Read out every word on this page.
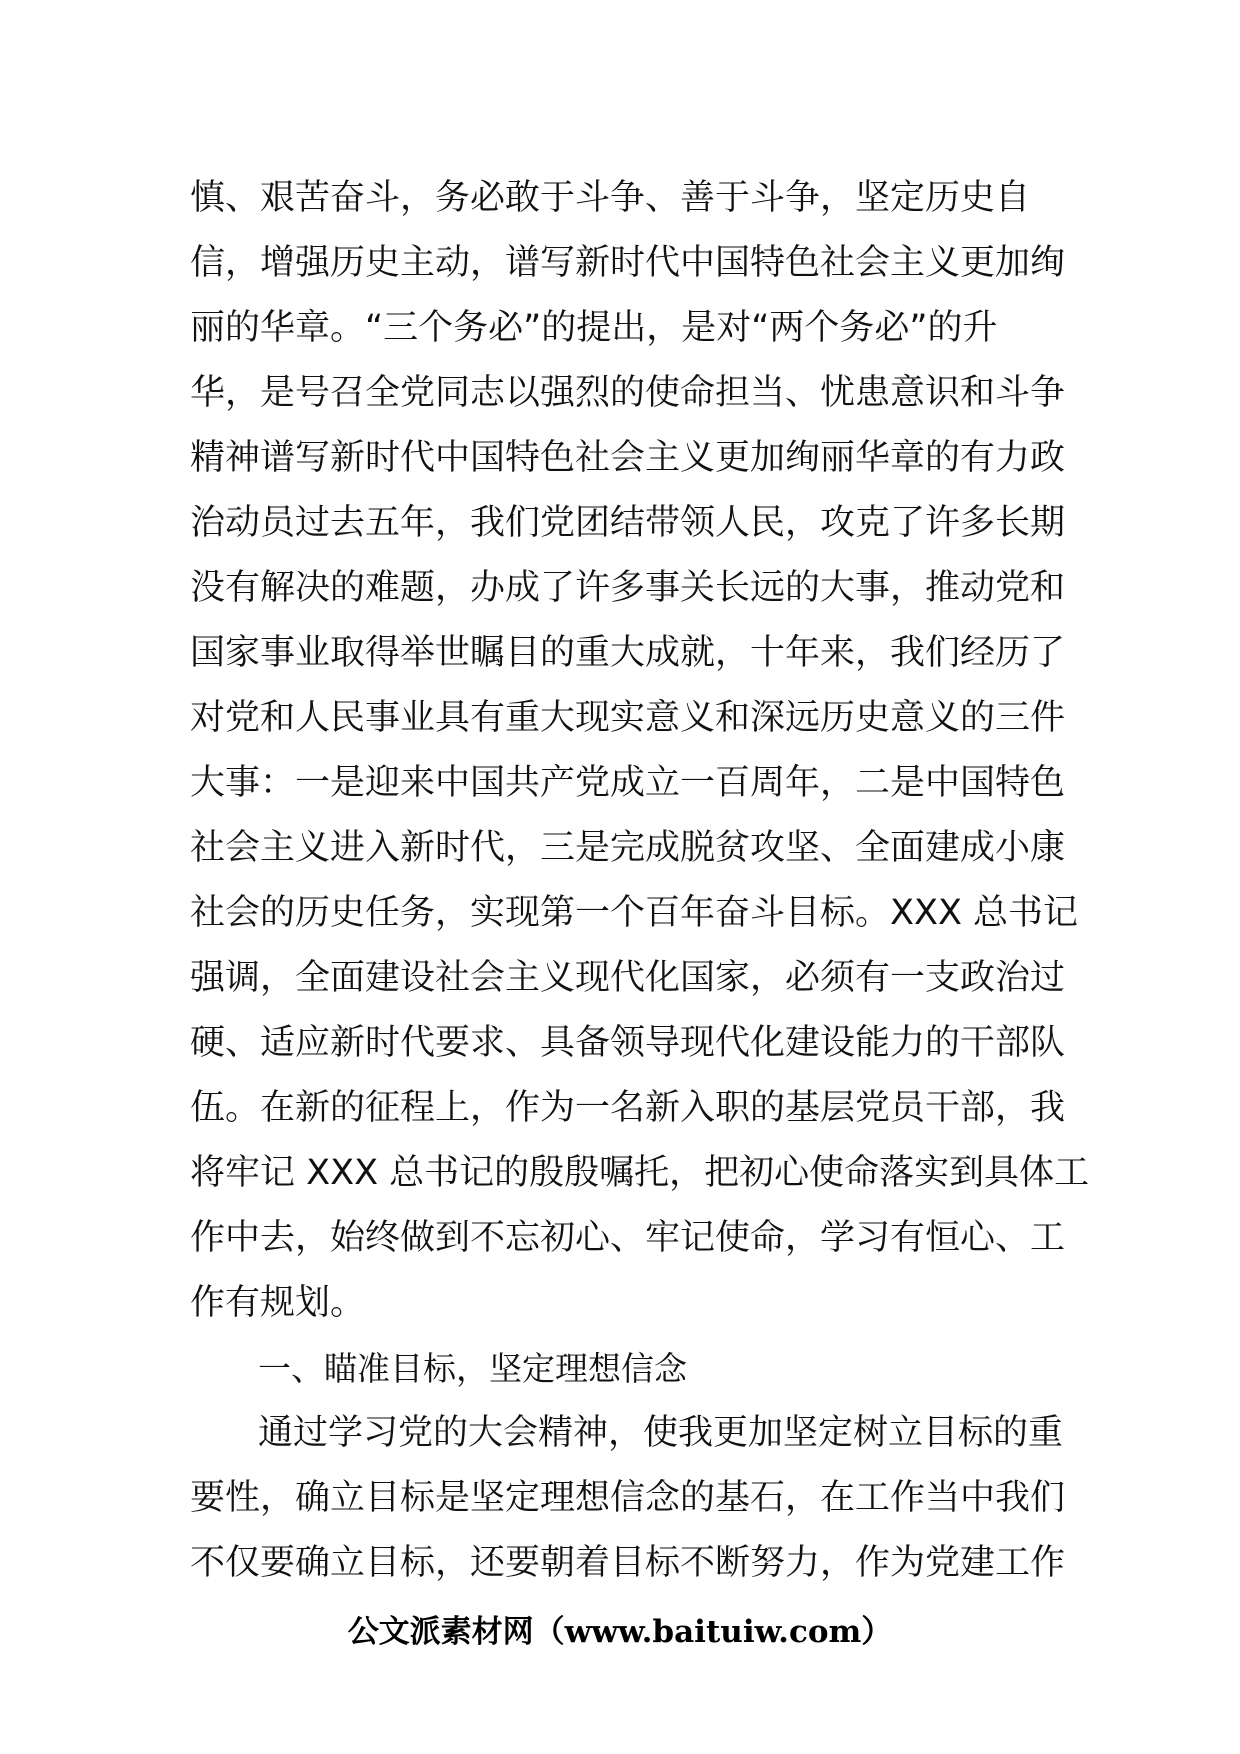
慎、艰苦奋斗，务必敢于斗争、善于斗争，坚定历史自
信，增强历史主动，谱写新时代中国特色社会主义更加绚
丽的华章。“三个务必”的提出，是对“两个务必”的升
华，是号召全党同志以强烈的使命担当、忧患意识和斗争
精神谱写新时代中国特色社会主义更加绚丽华章的有力政
治动员过去五年，我们党团结带领人民，攻克了许多长期
没有解决的难题，办成了许多事关长远的大事，推动党和
国家事业取得举世瞩目的重大成就，十年来，我们经历了
对党和人民事业具有重大现实意义和深远历史意义的三件
大事：一是迎来中国共产党成立一百周年，二是中国特色
社会主义进入新时代，三是完成脱贫攻坚、全面建成小康
社会的历史任务，实现第一个百年奋斗目标。XXX 总书记
强调，全面建设社会主义现代化国家，必须有一支政治过
硬、适应新时代要求、具备领导现代化建设能力的干部队
伍。在新的征程上，作为一名新入职的基层党员干部，我
将牢记 XXX 总书记的殷殷嘱托，把初心使命落实到具体工
作中去，始终做到不忘初心、牢记使命，学习有恒心、工
作有规划。
一、瞄准目标，坚定理想信念
通过学习党的大会精神，使我更加坚定树立目标的重
要性，确立目标是坚定理想信念的基石，在工作当中我们
不仅要确立目标，还要朝着目标不断努力，作为党建工作
公文派素材网（www.baituiw.com）
